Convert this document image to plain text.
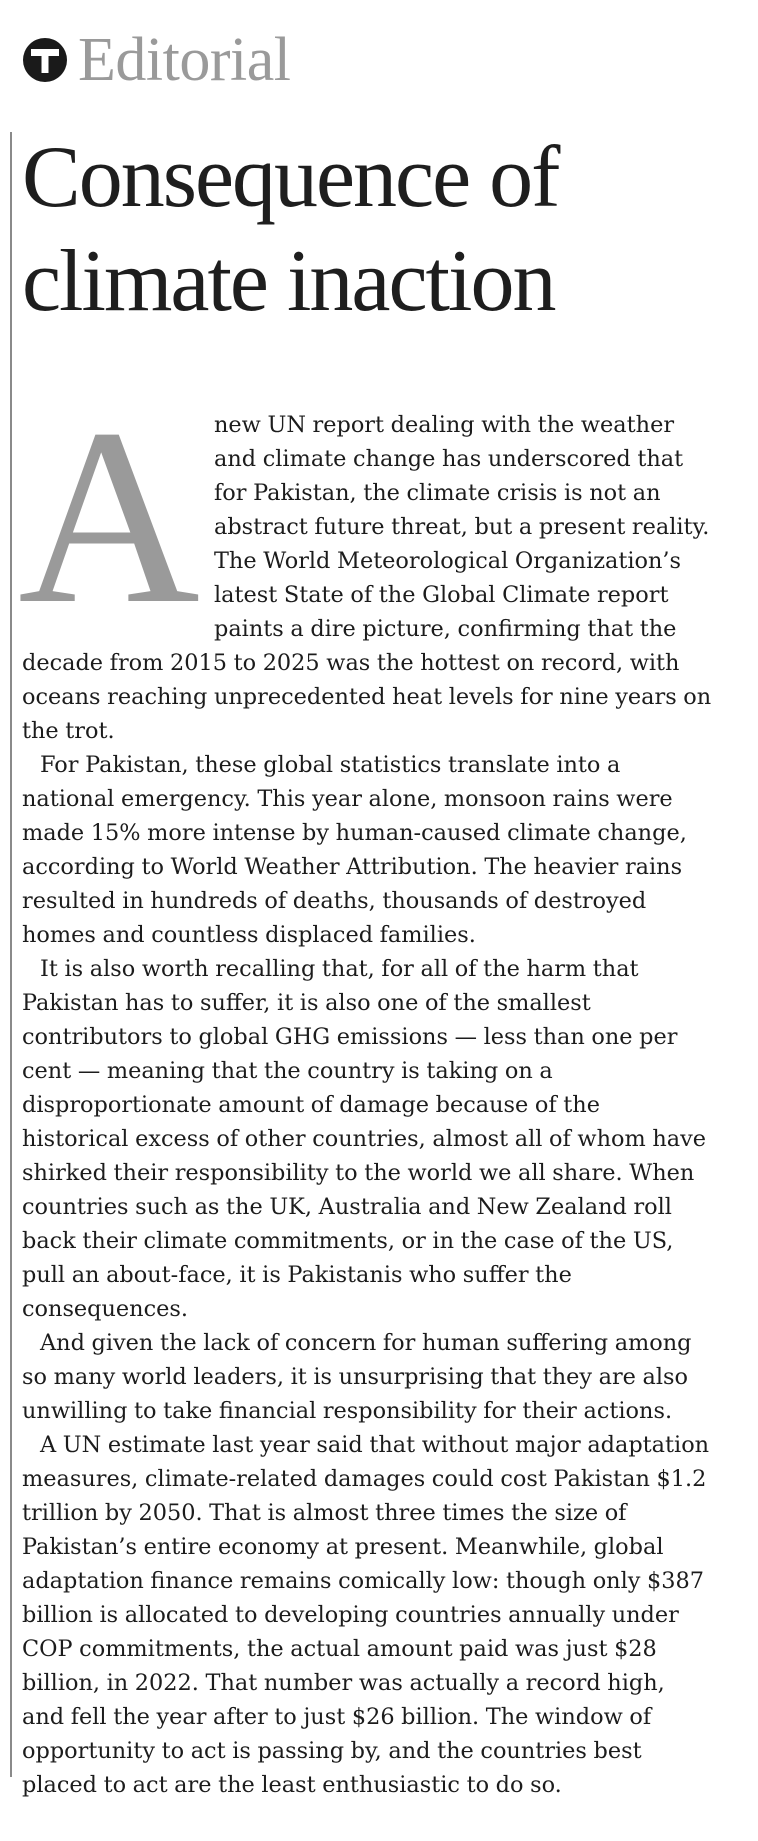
Editorial
Consequence of climate inaction
A new UN report dealing with the weather and climate change has underscored that for Pakistan, the climate crisis is not an abstract future threat, but a present reality. The World Meteorological Organization’s latest State of the Global Climate report paints a dire picture, confirming that the decade from 2015 to 2025 was the hottest on record, with oceans reaching unprecedented heat levels for nine years on the trot.

For Pakistan, these global statistics translate into a national emergency. This year alone, monsoon rains were made 15% more intense by human-caused climate change, according to World Weather Attribution. The heavier rains resulted in hundreds of deaths, thousands of destroyed homes and countless displaced families.

It is also worth recalling that, for all of the harm that Pakistan has to suffer, it is also one of the smallest contributors to global GHG emissions — less than one per cent — meaning that the country is taking on a disproportionate amount of damage because of the historical excess of other countries, almost all of whom have shirked their responsibility to the world we all share. When countries such as the UK, Australia and New Zealand roll back their climate commitments, or in the case of the US, pull an about-face, it is Pakistanis who suffer the consequences.

And given the lack of concern for human suffering among so many world leaders, it is unsurprising that they are also unwilling to take financial responsibility for their actions.

A UN estimate last year said that without major adaptation measures, climate-related damages could cost Pakistan $1.2 trillion by 2050. That is almost three times the size of Pakistan’s entire economy at present. Meanwhile, global adaptation finance remains comically low: though only $387 billion is allocated to developing countries annually under COP commitments, the actual amount paid was just $28 billion, in 2022. That number was actually a record high, and fell the year after to just $26 billion. The window of opportunity to act is passing by, and the countries best placed to act are the least enthusiastic to do so.
